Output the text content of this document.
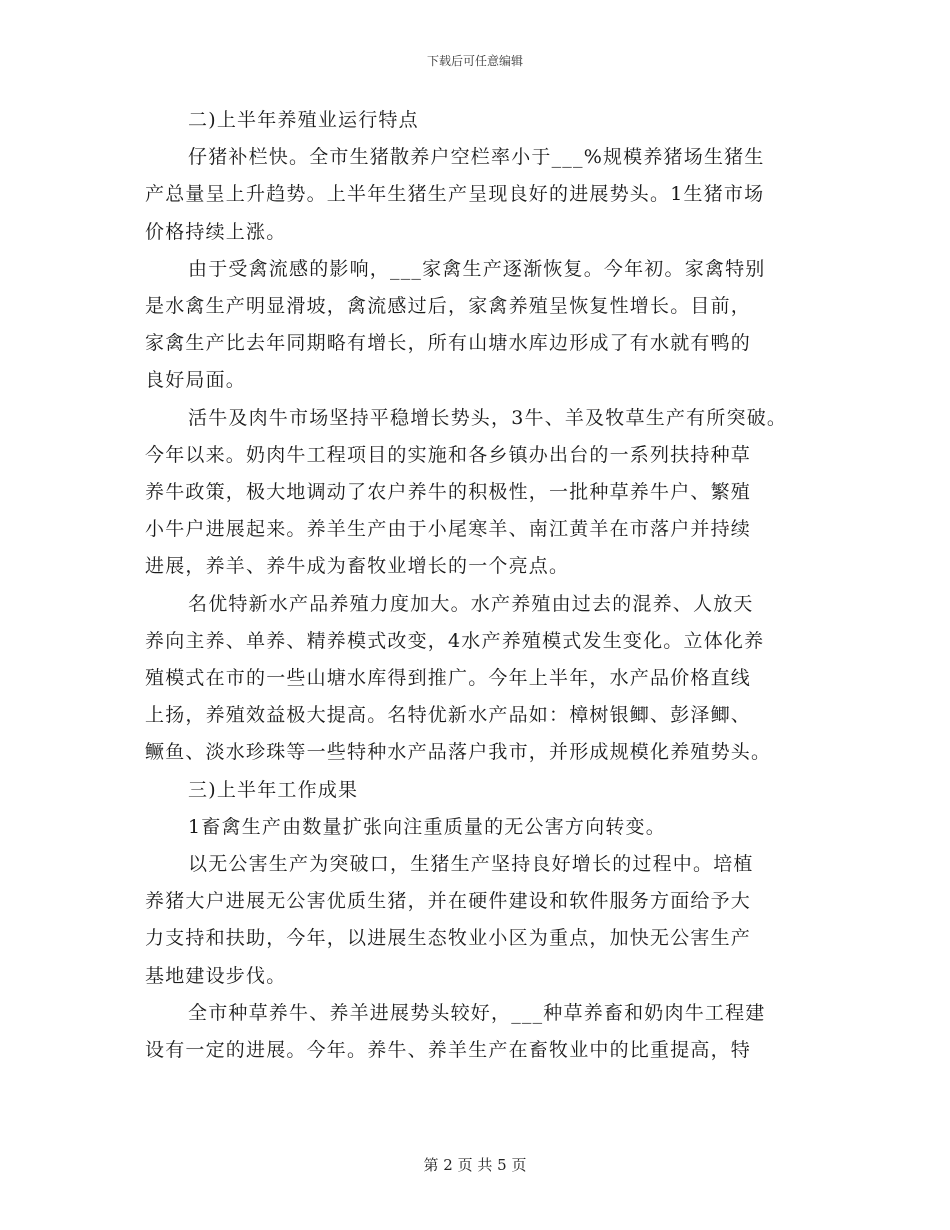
下载后可任意编辑
二)上半年养殖业运行特点
仔猪补栏快。全市生猪散养户空栏率小于___%规模养猪场生猪生
产总量呈上升趋势。上半年生猪生产呈现良好的进展势头。1生猪市场
价格持续上涨。
由于受禽流感的影响，___家禽生产逐渐恢复。今年初。家禽特别
是水禽生产明显滑坡，禽流感过后，家禽养殖呈恢复性增长。目前，
家禽生产比去年同期略有增长，所有山塘水库边形成了有水就有鸭的
良好局面。
活牛及肉牛市场坚持平稳增长势头，3牛、羊及牧草生产有所突破。
今年以来。奶肉牛工程项目的实施和各乡镇办出台的一系列扶持种草
养牛政策，极大地调动了农户养牛的积极性，一批种草养牛户、繁殖
小牛户进展起来。养羊生产由于小尾寒羊、南江黄羊在市落户并持续
进展，养羊、养牛成为畜牧业增长的一个亮点。
名优特新水产品养殖力度加大。水产养殖由过去的混养、人放天
养向主养、单养、精养模式改变，4水产养殖模式发生变化。立体化养
殖模式在市的一些山塘水库得到推广。今年上半年，水产品价格直线
上扬，养殖效益极大提高。名特优新水产品如：樟树银鲫、彭泽鲫、
鳜鱼、淡水珍珠等一些特种水产品落户我市，并形成规模化养殖势头。
三)上半年工作成果
1畜禽生产由数量扩张向注重质量的无公害方向转变。
以无公害生产为突破口，生猪生产坚持良好增长的过程中。培植
养猪大户进展无公害优质生猪，并在硬件建设和软件服务方面给予大
力支持和扶助，今年，以进展生态牧业小区为重点，加快无公害生产
基地建设步伐。
全市种草养牛、养羊进展势头较好，___种草养畜和奶肉牛工程建
设有一定的进展。今年。养牛、养羊生产在畜牧业中的比重提高，特
第 2 页 共 5 页
